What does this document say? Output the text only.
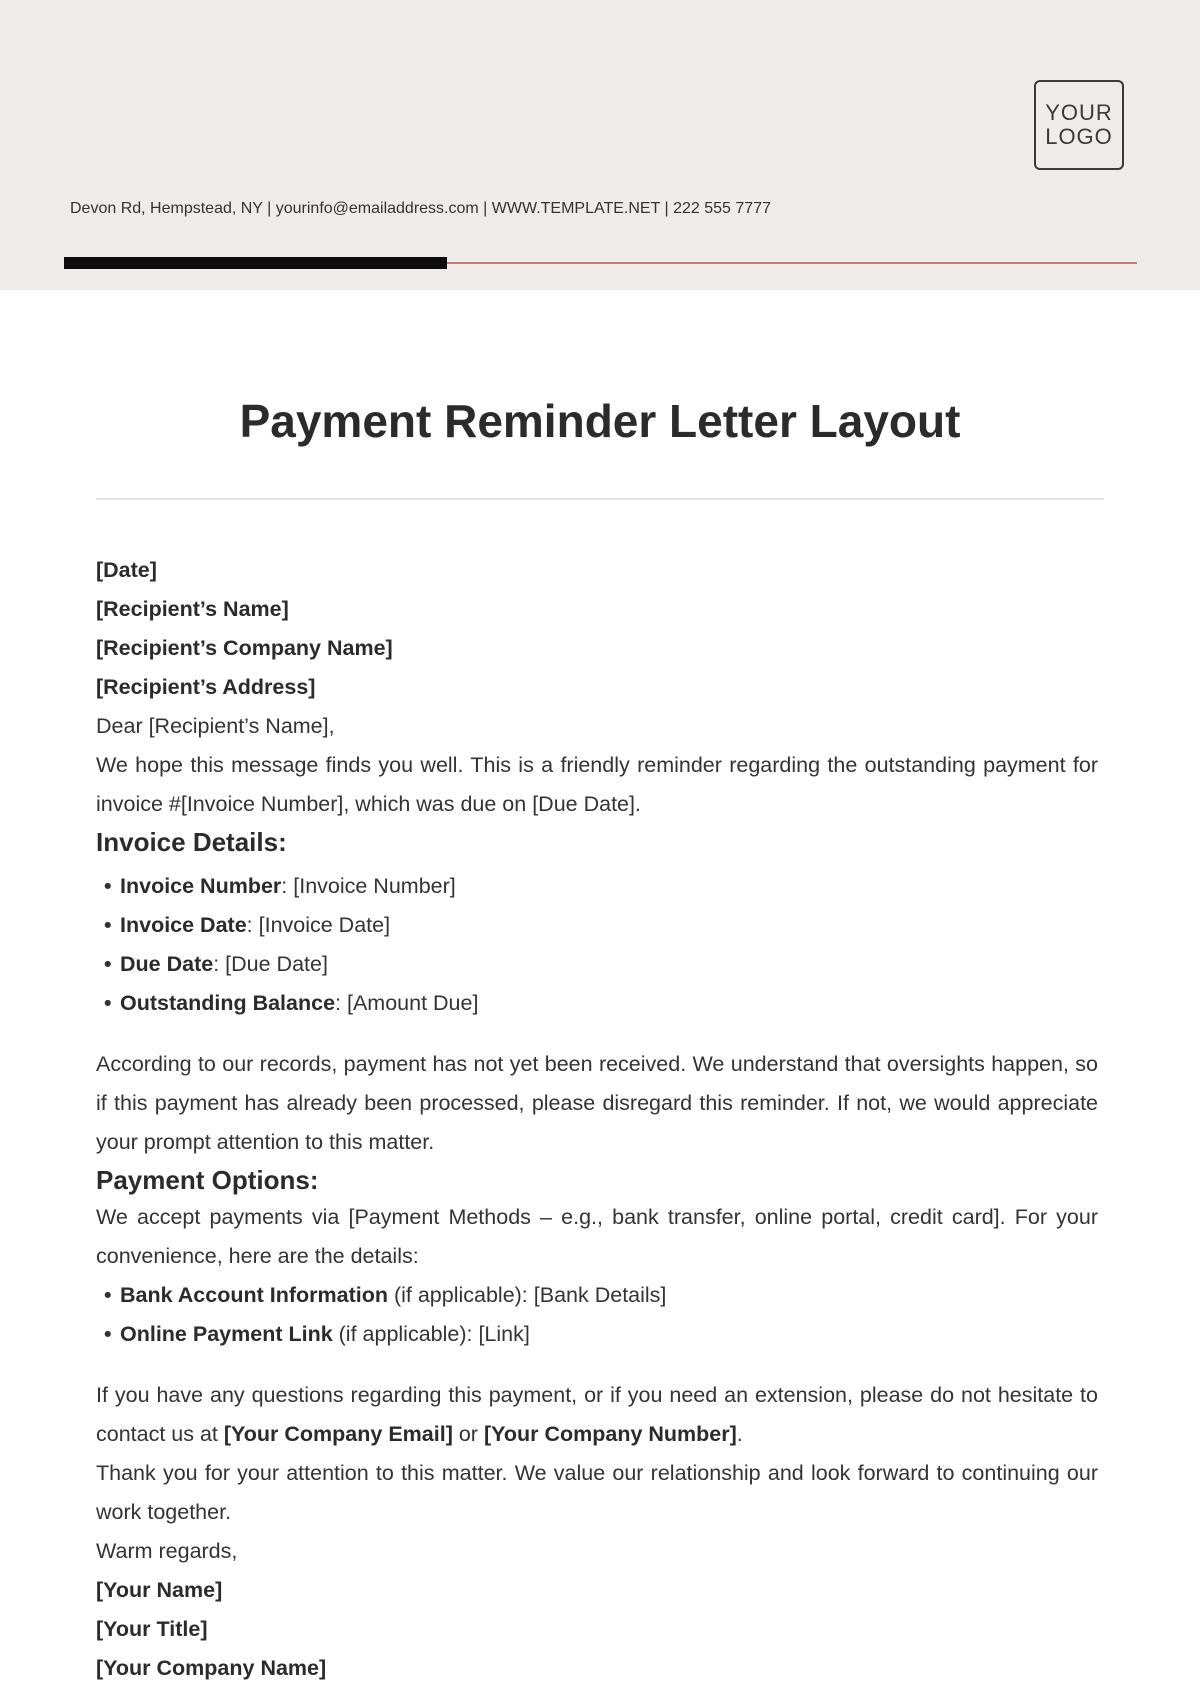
YOUR
LOGO
Devon Rd, Hempstead, NY | yourinfo@emailaddress.com | WWW.TEMPLATE.NET | 222 555 7777
Payment Reminder Letter Layout

[Date]

[Recipient’s Name]

[Recipient’s Company Name]

[Recipient’s Address]

Dear [Recipient’s Name],

We hope this message finds you well. This is a friendly reminder regarding the outstanding payment for invoice #[Invoice Number], which was due on [Due Date].

Invoice Details:
• Invoice Number: [Invoice Number]
• Invoice Date: [Invoice Date]
• Due Date: [Due Date]
• Outstanding Balance: [Amount Due]

According to our records, payment has not yet been received. We understand that oversights happen, so if this payment has already been processed, please disregard this reminder. If not, we would appreciate your prompt attention to this matter.

Payment Options:

We accept payments via [Payment Methods – e.g., bank transfer, online portal, credit card]. For your convenience, here are the details:

• Bank Account Information (if applicable): [Bank Details]
• Online Payment Link (if applicable): [Link]

If you have any questions regarding this payment, or if you need an extension, please do not hesitate to contact us at [Your Company Email] or [Your Company Number].

Thank you for your attention to this matter. We value our relationship and look forward to continuing our work together.

Warm regards,

[Your Name]

[Your Title]

[Your Company Name]
